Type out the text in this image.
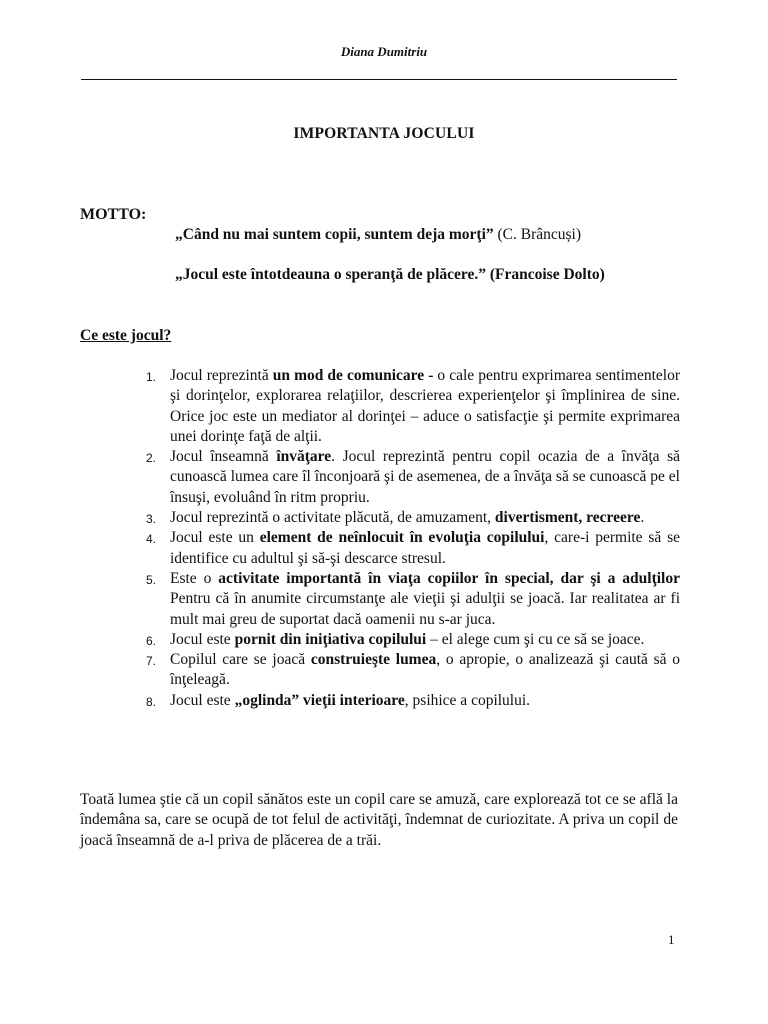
Diana Dumitriu
IMPORTANTA JOCULUI
MOTTO:
„Când nu mai suntem copii, suntem deja morţi” (C. Brâncuși)
„Jocul este întotdeauna o speranţă de plăcere.” (Francoise Dolto)
Ce este jocul?
1. Jocul reprezintă un mod de comunicare - o cale pentru exprimarea sentimentelor şi dorinţelor, explorarea relaţiilor, descrierea experienţelor şi împlinirea de sine. Orice joc este un mediator al dorinţei – aduce o satisfacţie şi permite exprimarea unei dorinţe faţă de alţii.
2. Jocul înseamnă învăţare. Jocul reprezintă pentru copil ocazia de a învăţa să cunoască lumea care îl înconjoară şi de asemenea, de a învăţa să se cunoască pe el însuşi, evoluând în ritm propriu.
3. Jocul reprezintă o activitate plăcută, de amuzament, divertisment, recreere.
4. Jocul este un element de neînlocuit în evoluţia copilului, care-i permite să se identifice cu adultul şi să-şi descarce stresul.
5. Este o activitate importantă în viaţa copiilor în special, dar şi a adulţilor Pentru că în anumite circumstanţe ale vieţii şi adulţii se joacă. Iar realitatea ar fi mult mai greu de suportat dacă oamenii nu s-ar juca.
6. Jocul este pornit din iniţiativa copilului – el alege cum şi cu ce să se joace.
7. Copilul care se joacă construieşte lumea, o apropie, o analizează şi caută să o înţeleagă.
8. Jocul este „oglinda” vieţii interioare, psihice a copilului.
Toată lumea ştie că un copil sănătos este un copil care se amuză, care explorează tot ce se află la îndemâna sa, care se ocupă de tot felul de activităţi, îndemnat de curiozitate. A priva un copil de joacă înseamnă de a-l priva de plăcerea de a trăi.
1
